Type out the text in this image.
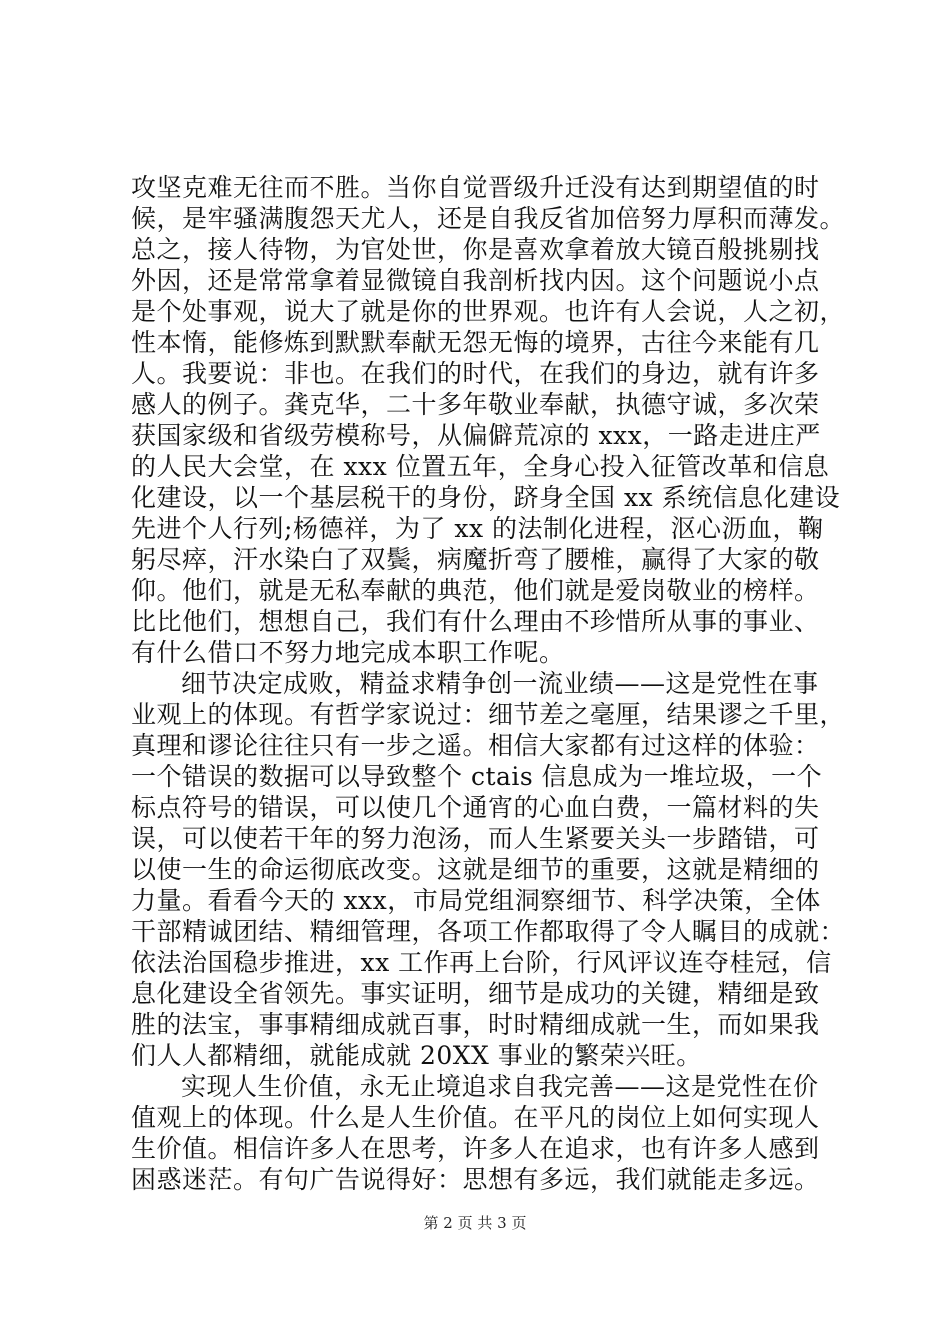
攻坚克难无往而不胜。当你自觉晋级升迁没有达到期望值的时
候，是牢骚满腹怨天尤人，还是自我反省加倍努力厚积而薄发。
总之，接人待物，为官处世，你是喜欢拿着放大镜百般挑剔找
外因，还是常常拿着显微镜自我剖析找内因。这个问题说小点
是个处事观，说大了就是你的世界观。也许有人会说，人之初，
性本惰，能修炼到默默奉献无怨无悔的境界，古往今来能有几
人。我要说：非也。在我们的时代，在我们的身边，就有许多
感人的例子。龚克华，二十多年敬业奉献，执德守诚，多次荣
获国家级和省级劳模称号，从偏僻荒凉的 xxx，一路走进庄严
的人民大会堂，在 xxx 位置五年，全身心投入征管改革和信息
化建设，以一个基层税干的身份，跻身全国 xx 系统信息化建设
先进个人行列;杨德祥，为了 xx 的法制化进程，沤心沥血，鞠
躬尽瘁，汗水染白了双鬓，病魔折弯了腰椎，赢得了大家的敬
仰。他们，就是无私奉献的典范，他们就是爱岗敬业的榜样。
比比他们，想想自己，我们有什么理由不珍惜所从事的事业、
有什么借口不努力地完成本职工作呢。
细节决定成败，精益求精争创一流业绩——这是党性在事
业观上的体现。有哲学家说过：细节差之毫厘，结果谬之千里，
真理和谬论往往只有一步之遥。相信大家都有过这样的体验：
一个错误的数据可以导致整个 ctais 信息成为一堆垃圾，一个
标点符号的错误，可以使几个通宵的心血白费，一篇材料的失
误，可以使若干年的努力泡汤，而人生紧要关头一步踏错，可
以使一生的命运彻底改变。这就是细节的重要，这就是精细的
力量。看看今天的 xxx，市局党组洞察细节、科学决策，全体
干部精诚团结、精细管理，各项工作都取得了令人瞩目的成就：
依法治国稳步推进，xx 工作再上台阶，行风评议连夺桂冠，信
息化建设全省领先。事实证明，细节是成功的关键，精细是致
胜的法宝，事事精细成就百事，时时精细成就一生，而如果我
们人人都精细，就能成就 20XX 事业的繁荣兴旺。
实现人生价值，永无止境追求自我完善——这是党性在价
值观上的体现。什么是人生价值。在平凡的岗位上如何实现人
生价值。相信许多人在思考，许多人在追求，也有许多人感到
困惑迷茫。有句广告说得好：思想有多远，我们就能走多远。
第 2 页 共 3 页
